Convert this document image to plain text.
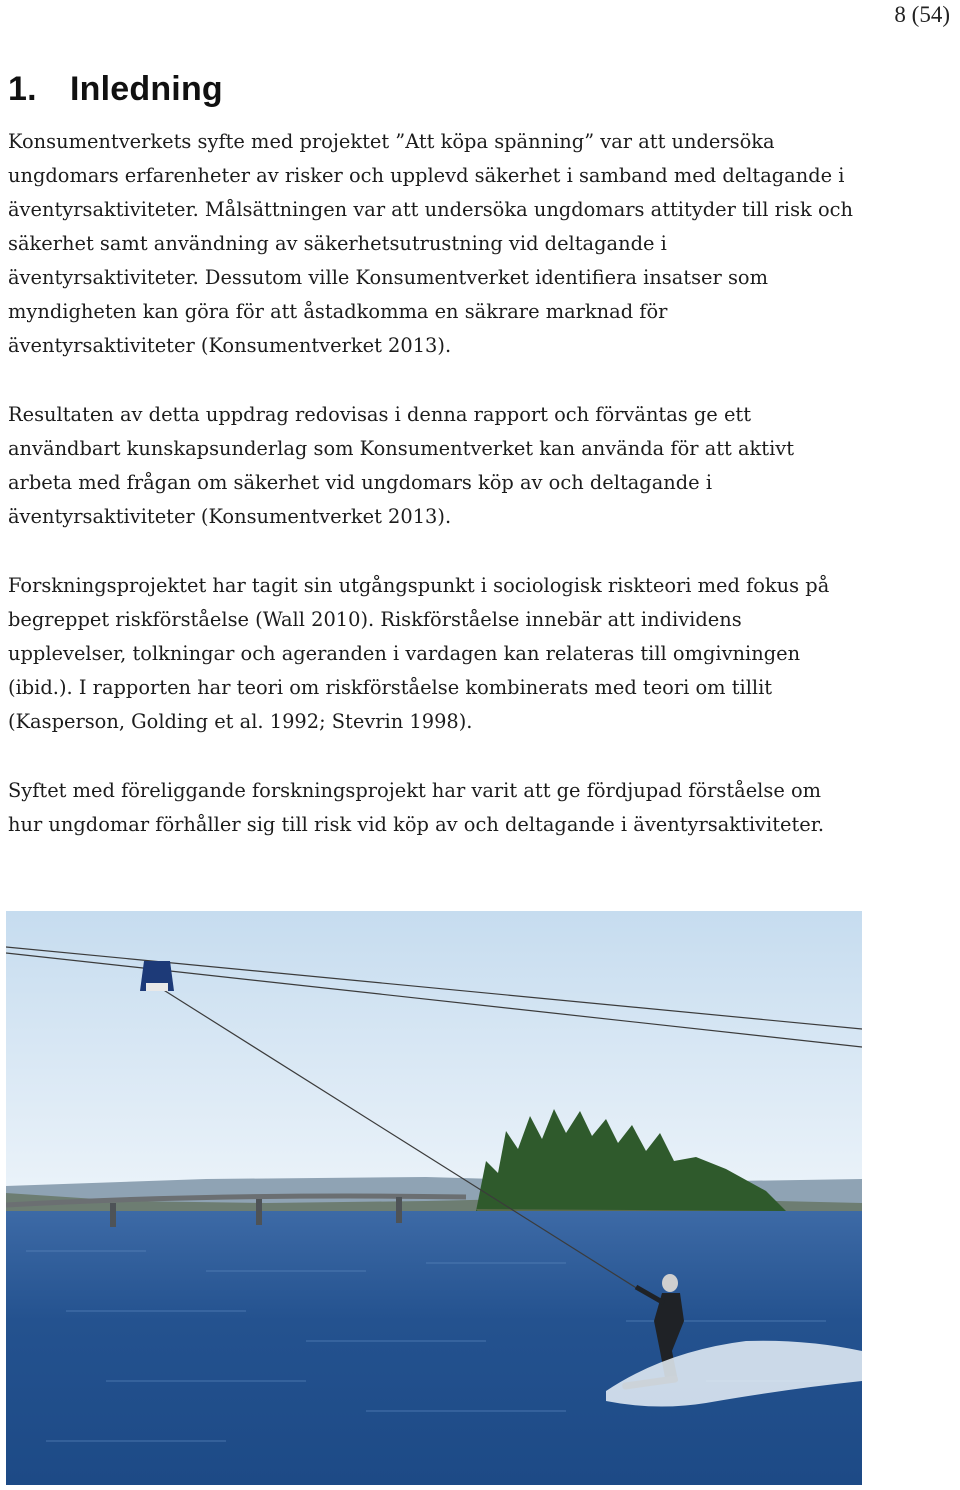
8 (54)
1. Inledning

Konsumentverkets syfte med projektet ”Att köpa spänning” var att undersöka ungdomars erfarenheter av risker och upplevd säkerhet i samband med deltagande i äventyrsaktiviteter. Målsättningen var att undersöka ungdomars attityder till risk och säkerhet samt användning av säkerhetsutrustning vid deltagande i äventyrsaktiviteter. Dessutom ville Konsumentverket identifiera insatser som myndigheten kan göra för att åstadkomma en säkrare marknad för äventyrsaktiviteter (Konsumentverket 2013).

Resultaten av detta uppdrag redovisas i denna rapport och förväntas ge ett användbart kunskapsunderlag som Konsumentverket kan använda för att aktivt arbeta med frågan om säkerhet vid ungdomars köp av och deltagande i äventyrsaktiviteter (Konsumentverket 2013).

Forskningsprojektet har tagit sin utgångspunkt i sociologisk riskteori med fokus på begreppet riskförståelse (Wall 2010). Riskförståelse innebär att individens upplevelser, tolkningar och ageranden i vardagen kan relateras till omgivningen (ibid.). I rapporten har teori om riskförståelse kombinerats med teori om tillit (Kasperson, Golding et al. 1992; Stevrin 1998).

Syftet med föreliggande forskningsprojekt har varit att ge fördjupad förståelse om hur ungdomar förhåller sig till risk vid köp av och deltagande i äventyrsaktiviteter.
